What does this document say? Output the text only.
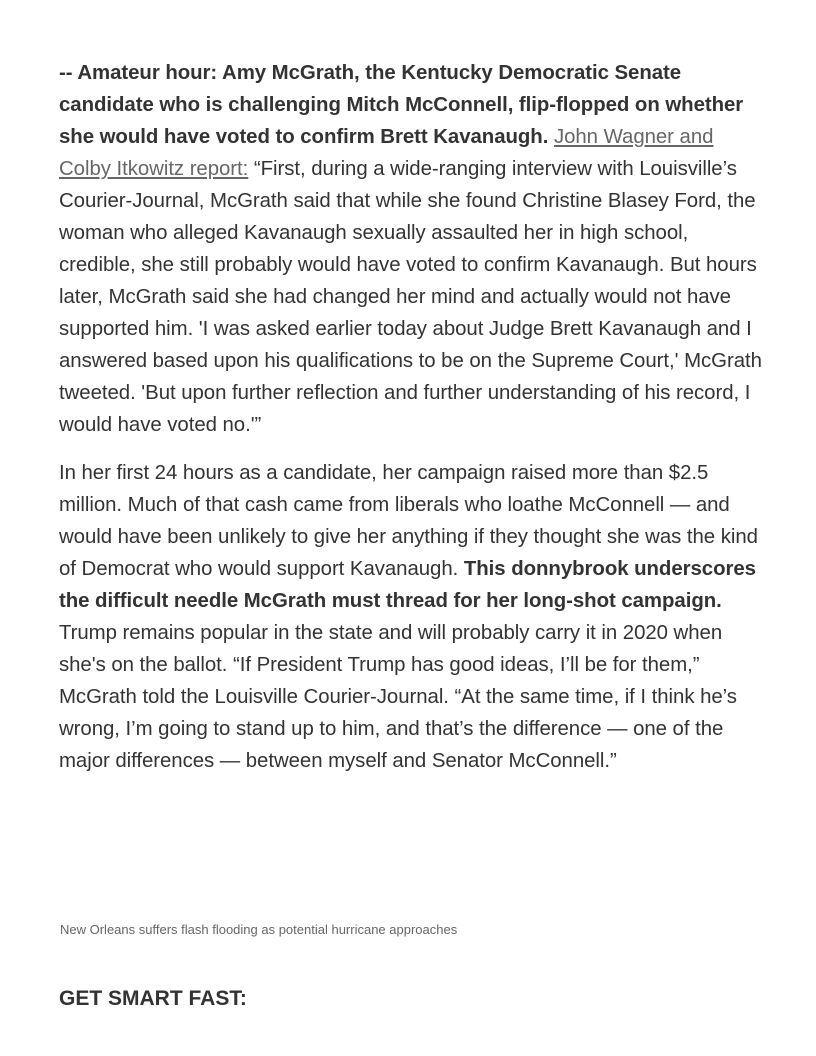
-- Amateur hour: Amy McGrath, the Kentucky Democratic Senate candidate who is challenging Mitch McConnell, flip-flopped on whether she would have voted to confirm Brett Kavanaugh. John Wagner and Colby Itkowitz report: “First, during a wide-ranging interview with Louisville’s Courier-Journal, McGrath said that while she found Christine Blasey Ford, the woman who alleged Kavanaugh sexually assaulted her in high school, credible, she still probably would have voted to confirm Kavanaugh. But hours later, McGrath said she had changed her mind and actually would not have supported him. 'I was asked earlier today about Judge Brett Kavanaugh and I answered based upon his qualifications to be on the Supreme Court,' McGrath tweeted. 'But upon further reflection and further understanding of his record, I would have voted no.'”

In her first 24 hours as a candidate, her campaign raised more than $2.5 million. Much of that cash came from liberals who loathe McConnell — and would have been unlikely to give her anything if they thought she was the kind of Democrat who would support Kavanaugh. This donnybrook underscores the difficult needle McGrath must thread for her long-shot campaign. Trump remains popular in the state and will probably carry it in 2020 when she's on the ballot. “If President Trump has good ideas, I’ll be for them,” McGrath told the Louisville Courier-Journal. “At the same time, if I think he’s wrong, I’m going to stand up to him, and that’s the difference — one of the major differences — between myself and Senator McConnell.”

New Orleans suffers flash flooding as potential hurricane approaches

GET SMART FAST:
